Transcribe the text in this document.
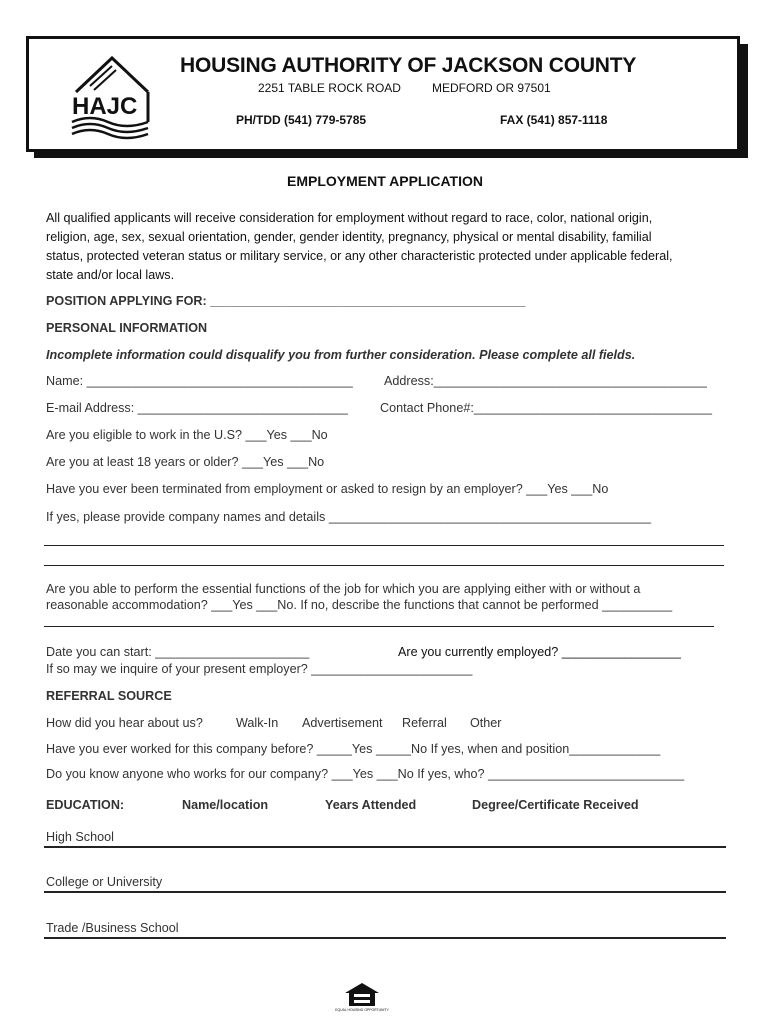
HAJC
HOUSING AUTHORITY OF JACKSON COUNTY
2251 TABLE ROCK ROAD	MEDFORD OR 97501
PH/TDD (541) 779-5785	FAX (541) 857-1118
EMPLOYMENT APPLICATION
All qualified applicants will receive consideration for employment without regard to race, color, national origin,
religion, age, sex, sexual orientation, gender, gender identity, pregnancy, physical or mental disability, familial
status, protected veteran status or military service, or any other characteristic protected under applicable federal,
state and/or local laws.
POSITION APPLYING FOR: _____________________________________________
PERSONAL INFORMATION
Incomplete information could disqualify you from further consideration. Please complete all fields.
Name: ______________________________________ Address:_______________________________________
E-mail Address: ______________________________	Contact Phone#:__________________________________
Are you eligible to work in the U.S? ___Yes ___No
Are you at least 18 years or older? ___Yes ___No
Have you ever been terminated from employment or asked to resign by an employer? ___Yes ___No
If yes, please provide company names and details ______________________________________________
Are you able to perform the essential functions of the job for which you are applying either with or without a
reasonable accommodation? ___Yes ___No. If no, describe the functions that cannot be performed __________
Date you can start: ______________________	Are you currently employed? _________________
If so may we inquire of your present employer? _______________________
REFERRAL SOURCE
How did you hear about us?	Walk-In Advertisement Referral Other
Have you ever worked for this company before? _____Yes _____No If yes, when and position_____________
Do you know anyone who works for our company? ___Yes ___No If yes, who? ____________________________
EDUCATION:	Name/location	Years Attended	Degree/Certificate Received
High School
College or University
Trade /Business School
EQUAL HOUSING OPPORTUNITY
